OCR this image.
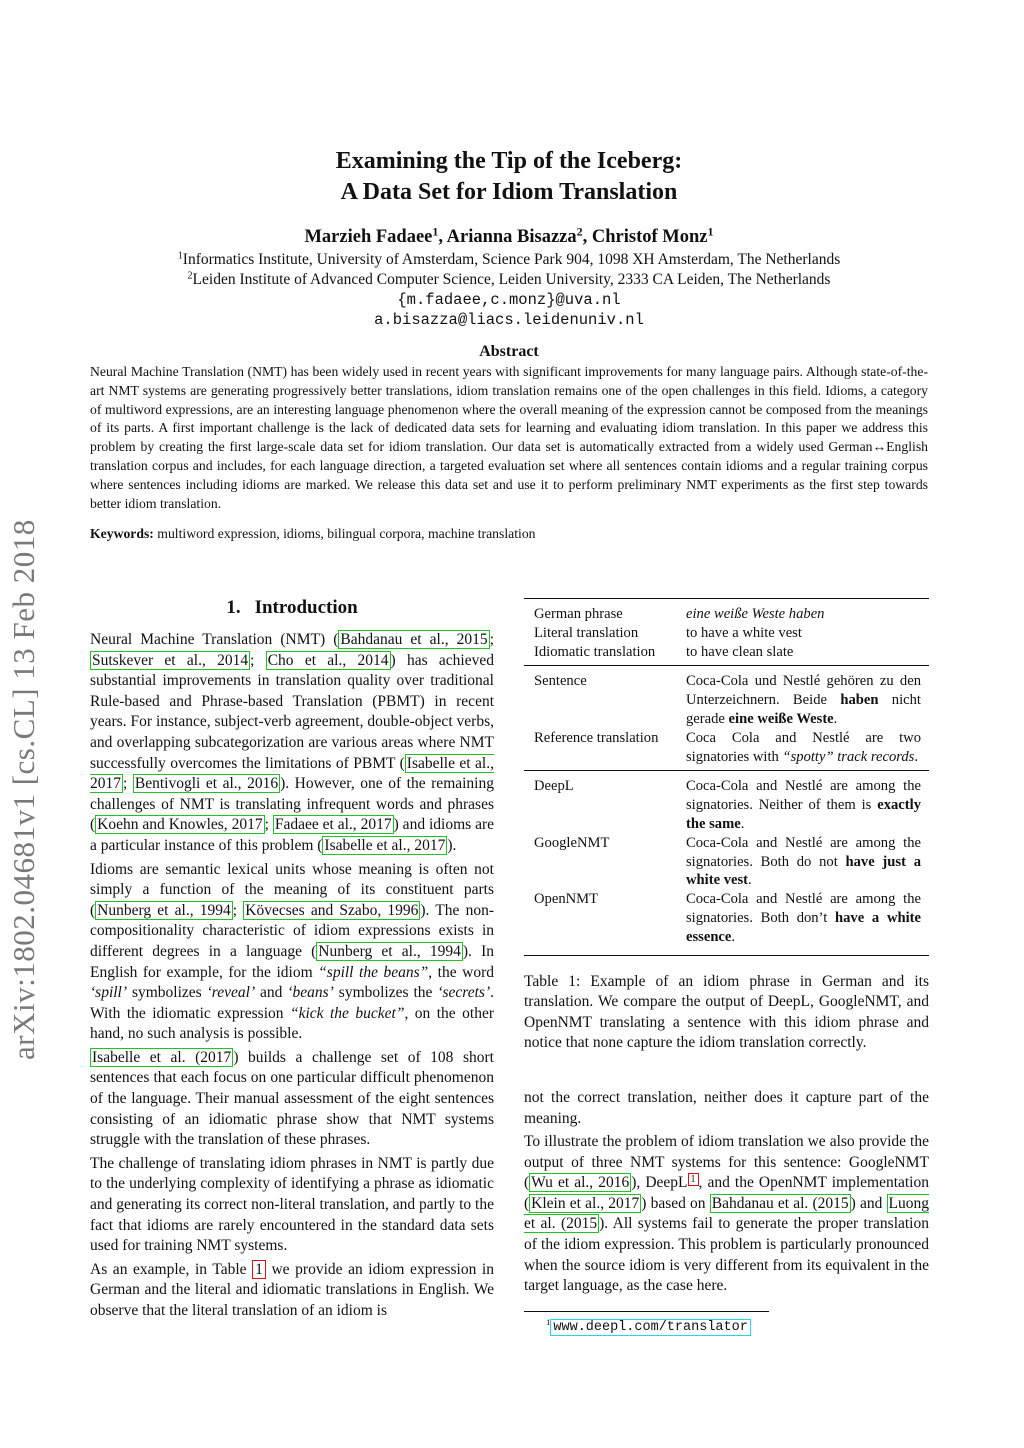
arXiv:1802.04681v1 [cs.CL] 13 Feb 2018
Examining the Tip of the Iceberg:
A Data Set for Idiom Translation
Marzieh Fadaee$^1$, Arianna Bisazza$^2$, Christof Monz$^1$
$^1$Informatics Institute, University of Amsterdam, Science Park 904, 1098 XH Amsterdam, The Netherlands
$^2$Leiden Institute of Advanced Computer Science, Leiden University, 2333 CA Leiden, The Netherlands
{m.fadaee,c.monz}@uva.nl
a.bisazza@liacs.leidenuniv.nl
Abstract

Neural Machine Translation (NMT) has been widely used in recent years with significant improvements for many language pairs. Although state-of-the-art NMT systems are generating progressively better translations, idiom translation remains one of the open challenges in this field. Idioms, a category of multiword expressions, are an interesting language phenomenon where the overall meaning of the expression cannot be composed from the meanings of its parts. A first important challenge is the lack of dedicated data sets for learning and evaluating idiom translation. In this paper we address this problem by creating the first large-scale data set for idiom translation. Our data set is automatically extracted from a widely used German↔English translation corpus and includes, for each language direction, a targeted evaluation set where all sentences contain idioms and a regular training corpus where sentences including idioms are marked. We release this data set and use it to perform preliminary NMT experiments as the first step towards better idiom translation.

Keywords: multiword expression, idioms, bilingual corpora, machine translation
1. Introduction

Neural Machine Translation (NMT) ( Bahdanau et al., 2015 ; Sutskever et al., 2014 ; Cho et al., 2014 ) has achieved substantial improvements in translation quality over traditional Rule-based and Phrase-based Translation (PBMT) in recent years. For instance, subject-verb agreement, double-object verbs, and overlapping subcategorization are various areas where NMT successfully overcomes the limitations of PBMT ( Isabelle et al., 2017 ; Bentivogli et al., 2016 ). However, one of the remaining challenges of NMT is translating infrequent words and phrases ( Koehn and Knowles, 2017 ; Fadaee et al., 2017 ) and idioms are a particular instance of this problem ( Isabelle et al., 2017 ).

Idioms are semantic lexical units whose meaning is often not simply a function of the meaning of its constituent parts ( Nunberg et al., 1994 ; Kövecses and Szabo, 1996 ). The non-compositionality characteristic of idiom expressions exists in different degrees in a language ( Nunberg et al., 1994 ). In English for example, for the idiom “spill the beans”, the word ‘spill’ symbolizes ‘reveal’ and ‘beans’ symbolizes the ‘secrets’. With the idiomatic expression “kick the bucket”, on the other hand, no such analysis is possible.

Isabelle et al. (2017 ) builds a challenge set of 108 short sentences that each focus on one particular difficult phenomenon of the language. Their manual assessment of the eight sentences consisting of an idiomatic phrase show that NMT systems struggle with the translation of these phrases.

The challenge of translating idiom phrases in NMT is partly due to the underlying complexity of identifying a phrase as idiomatic and generating its correct non-literal translation, and partly to the fact that idioms are rarely encountered in the standard data sets used for training NMT systems.

As an example, in Table 1 we provide an idiom expression in German and the literal and idiomatic translations in English. We observe that the literal translation of an idiom is

German phrase	eine weiße Weste haben
Literal translation	to have a white vest
Idiomatic translation	to have clean slate
Sentence	Coca-Cola und Nestlé gehören zu den Unterzeichnern. Beide haben nicht gerade eine weiße Weste.
Reference translation	Coca Cola and Nestlé are two signatories with “spotty” track records.
DeepL	Coca-Cola and Nestlé are among the signatories. Neither of them is exactly the same.
GoogleNMT	Coca-Cola and Nestlé are among the signatories. Both do not have just a white vest.
OpenNMT	Coca-Cola and Nestlé are among the signatories. Both don’t have a white essence.

Table 1: Example of an idiom phrase in German and its translation. We compare the output of DeepL, GoogleNMT, and OpenNMT translating a sentence with this idiom phrase and notice that none capture the idiom translation correctly.

not the correct translation, neither does it capture part of the meaning.

To illustrate the problem of idiom translation we also provide the output of three NMT systems for this sentence: GoogleNMT ( Wu et al., 2016 ), DeepL $^1$ , and the OpenNMT implementation ( Klein et al., 2017 ) based on Bahdanau et al. (2015 ) and Luong et al. (2015 ). All systems fail to generate the proper translation of the idiom expression. This problem is particularly pronounced when the source idiom is very different from its equivalent in the target language, as the case here.

$^1$ www.deepl.com/translator
